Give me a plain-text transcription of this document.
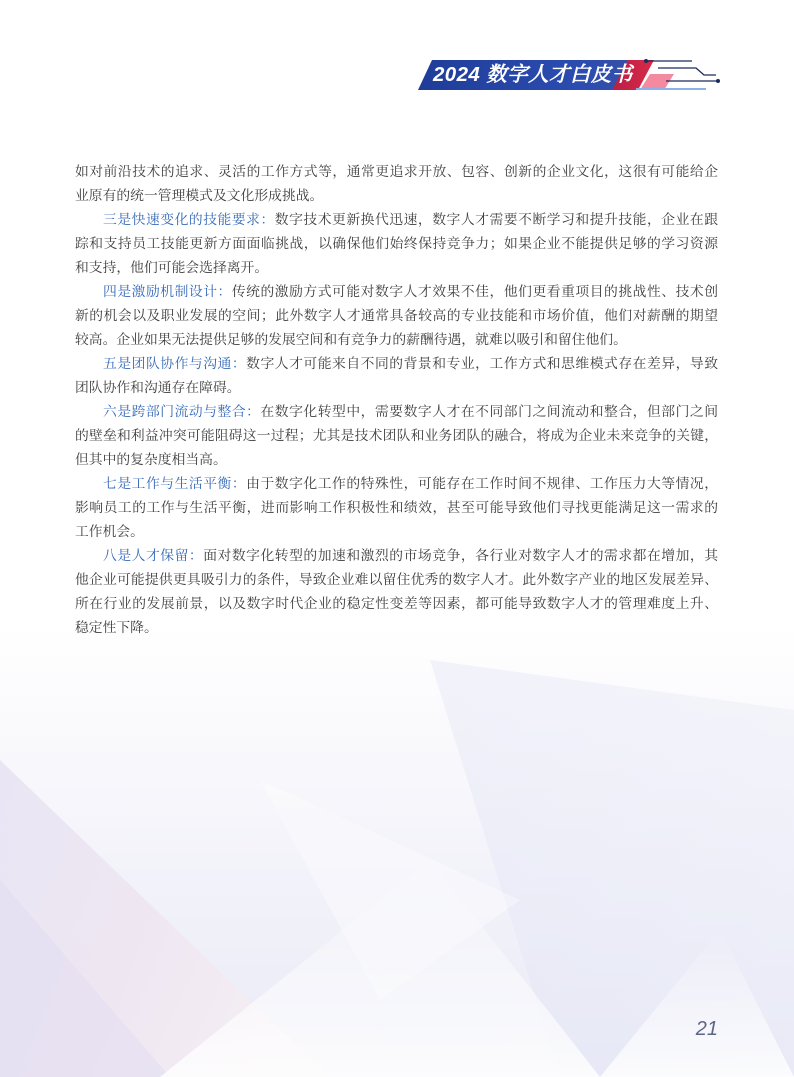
2024 数字人才白皮书
如对前沿技术的追求、灵活的工作方式等，通常更追求开放、包容、创新的企业文化，这很有可能给企
业原有的统一管理模式及文化形成挑战。
三是快速变化的技能要求：数字技术更新换代迅速，数字人才需要不断学习和提升技能，企业在跟
踪和支持员工技能更新方面面临挑战，以确保他们始终保持竞争力；如果企业不能提供足够的学习资源
和支持，他们可能会选择离开。
四是激励机制设计：传统的激励方式可能对数字人才效果不佳，他们更看重项目的挑战性、技术创
新的机会以及职业发展的空间；此外数字人才通常具备较高的专业技能和市场价值，他们对薪酬的期望
较高。企业如果无法提供足够的发展空间和有竞争力的薪酬待遇，就难以吸引和留住他们。
五是团队协作与沟通：数字人才可能来自不同的背景和专业，工作方式和思维模式存在差异，导致
团队协作和沟通存在障碍。
六是跨部门流动与整合：在数字化转型中，需要数字人才在不同部门之间流动和整合，但部门之间
的壁垒和利益冲突可能阻碍这一过程；尤其是技术团队和业务团队的融合，将成为企业未来竞争的关键，
但其中的复杂度相当高。
七是工作与生活平衡：由于数字化工作的特殊性，可能存在工作时间不规律、工作压力大等情况，
影响员工的工作与生活平衡，进而影响工作积极性和绩效，甚至可能导致他们寻找更能满足这一需求的
工作机会。
八是人才保留：面对数字化转型的加速和激烈的市场竞争，各行业对数字人才的需求都在增加，其
他企业可能提供更具吸引力的条件，导致企业难以留住优秀的数字人才。此外数字产业的地区发展差异、
所在行业的发展前景，以及数字时代企业的稳定性变差等因素，都可能导致数字人才的管理难度上升、
稳定性下降。
21
